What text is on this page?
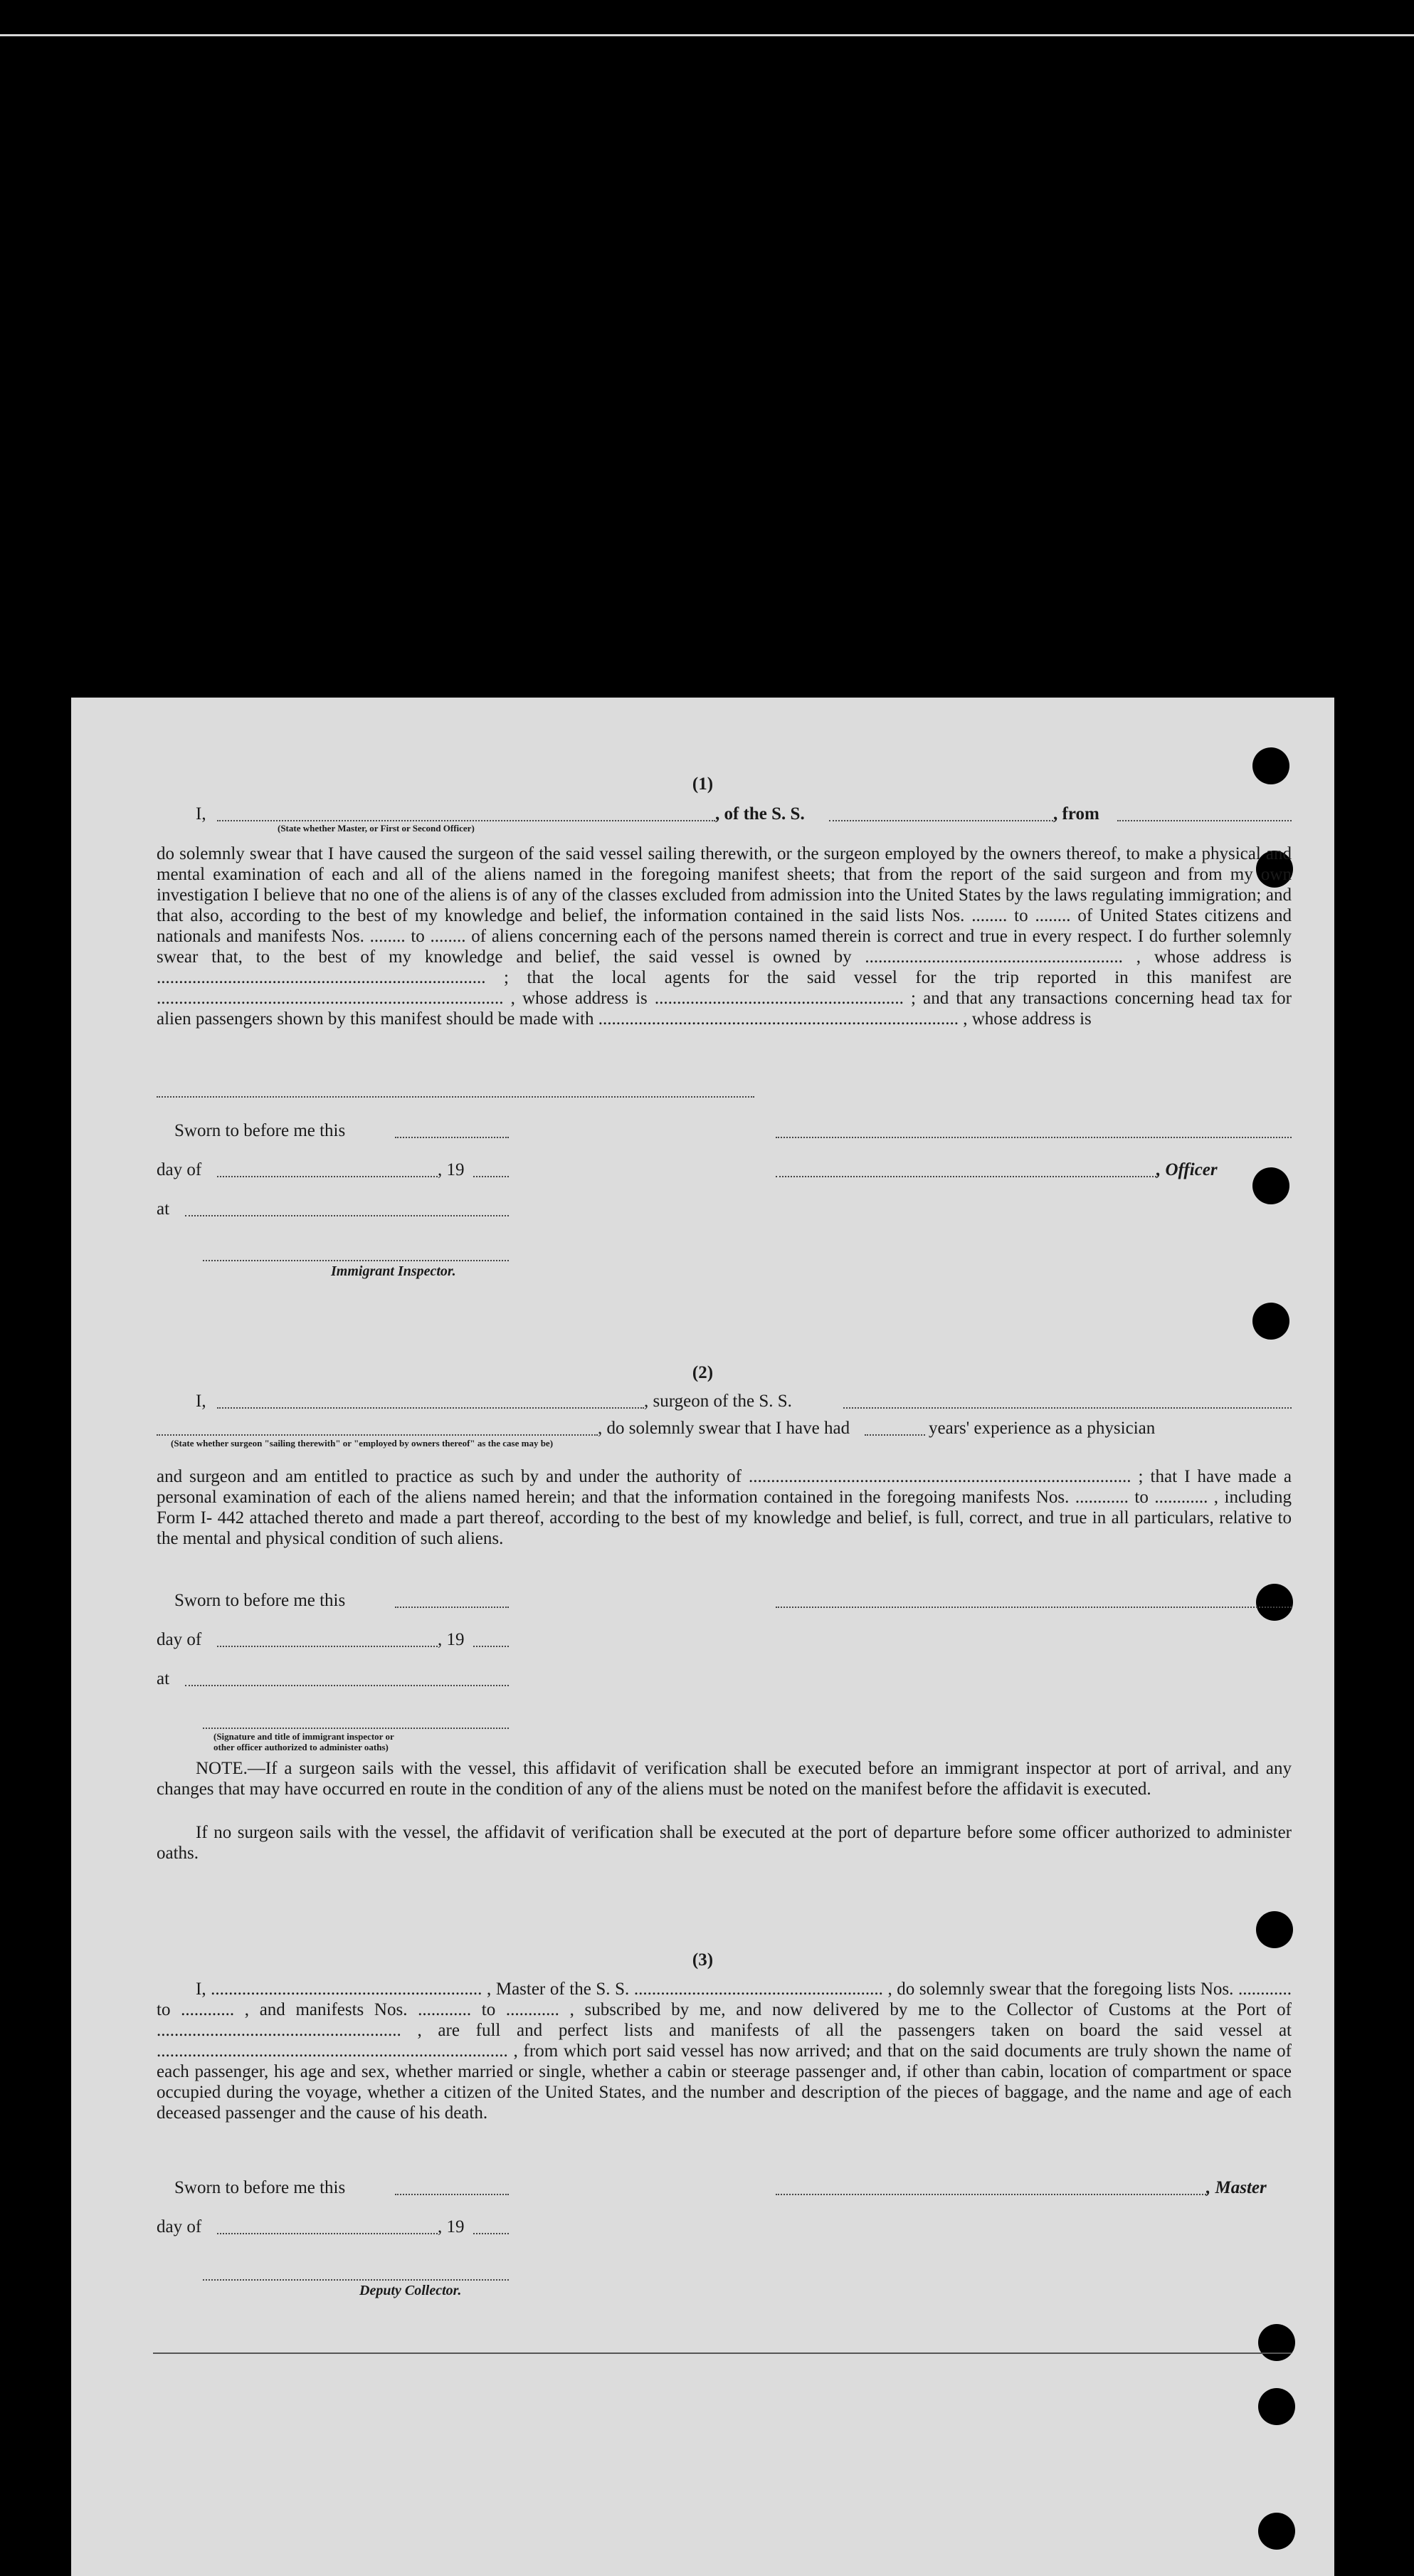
(1)
I,	, of the S. S.	, from
(State whether Master, or First or Second Officer)

do solemnly swear that I have caused the surgeon of the said vessel sailing therewith, or the surgeon employed by the owners thereof, to make a physical and mental examination of each and all of the aliens named in the foregoing manifest sheets; that from the report of the said surgeon and from my own investigation I believe that no one of the aliens is of any of the classes excluded from admission into the United States by the laws regulating immigration; and that also, according to the best of my knowledge and belief, the information contained in the said lists Nos. ........ to ........ of United States citizens and nationals and manifests Nos. ........ to ........ of aliens concerning each of the persons named therein is correct and true in every respect. I do further solemnly swear that, to the best of my knowledge and belief, the said vessel is owned by .......................................................... , whose address is .......................................................................... ; that the local agents for the said vessel for the trip reported in this manifest are .............................................................................. , whose address is ........................................................ ; and that any transactions concerning head tax for alien passengers shown by this manifest should be made with ................................................................................. , whose address is

Sworn to before me this
day of	, 19	, Officer
at
Immigrant Inspector.
(2)
I,	, surgeon of the S. S.
, do solemnly swear that I have had	years' experience as a physician
(State whether surgeon "sailing therewith" or "employed by owners thereof" as the case may be)

and surgeon and am entitled to practice as such by and under the authority of ...................................................................................... ; that I have made a personal examination of each of the aliens named herein; and that the information contained in the foregoing manifests Nos. ............ to ............ , including Form I- 442 attached thereto and made a part thereof, according to the best of my knowledge and belief, is full, correct, and true in all particulars, relative to the mental and physical condition of such aliens.

Sworn to before me this
day of	, 19
at
(Signature and title of immigrant inspector or
other officer authorized to administer oaths)

NOTE.—If a surgeon sails with the vessel, this affidavit of verification shall be executed before an immigrant inspector at port of arrival, and any changes that may have occurred en route in the condition of any of the aliens must be noted on the manifest before the affidavit is executed.

If no surgeon sails with the vessel, the affidavit of verification shall be executed at the port of departure before some officer authorized to administer oaths.

(3)

I, ............................................................. , Master of the S. S. ........................................................ , do solemnly swear that the foregoing lists Nos. ............ to ............ , and manifests Nos. ............ to ............ , subscribed by me, and now delivered by me to the Collector of Customs at the Port of ....................................................... , are full and perfect lists and manifests of all the passengers taken on board the said vessel at ............................................................................... , from which port said vessel has now arrived; and that on the said documents are truly shown the name of each passenger, his age and sex, whether married or single, whether a cabin or steerage passenger and, if other than cabin, location of compartment or space occupied during the voyage, whether a citizen of the United States, and the number and description of the pieces of baggage, and the name and age of each deceased passenger and the cause of his death.

Sworn to before me this	, Master
day of	, 19
Deputy Collector.
